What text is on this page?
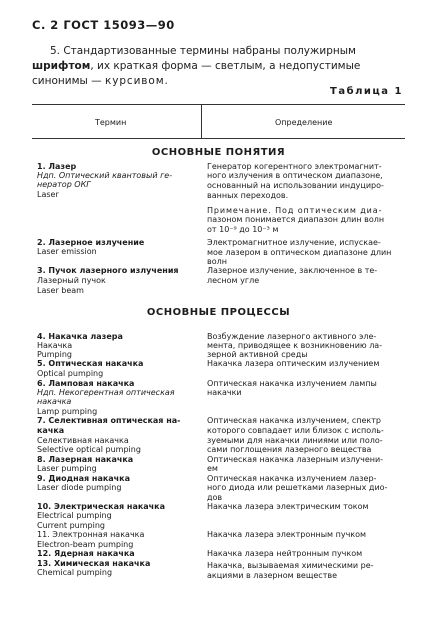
С. 2 ГОСТ 15093—90
5. Стандартизованные термины набраны полужирным шрифтом, их краткая форма — светлым, а недопустимые синонимы — курсивом.
Таблица 1
Термин	Определение
ОСНОВНЫЕ ПОНЯТИЯ
ОСНОВНЫЕ ПРОЦЕССЫ
1. Лазер
Ндп. Оптический квантовый ге-
нератор ОКГ
Laser
2. Лазерное излучение
Laser emission
3. Пучок лазерного излучения
Лазерный пучок
Laser beam
4. Накачка лазера
Накачка
Pumping
5. Оптическая накачка
Optical pumping
6. Ламповая накачка
Ндп. Некогерентная оптическая
накачка
Lamp pumping
7. Селективная оптическая на-
качка
Селективная накачка
Selective optical pumping
8. Лазерная накачка
Laser pumping
9. Диодная накачка
Laser diode pumping
10. Электрическая накачка
Electrical pumping
Current pumping
11. Электронная накачка
Electron-beam pumping
12. Ядерная накачка
13. Химическая накачка
Chemical pumping
Генератор когерентного электромагнит-
ного излучения в оптическом диапазоне,
основанный на использовании индуциро-
ванных переходов.
Примечание. Под оптическим диа-
пазоном понимается диапазон длин волн
от 10⁻⁹ до 10⁻³ м
Электромагнитное излучение, испускае-
мое лазером в оптическом диапазоне длин
волн
Лазерное излучение, заключенное в те-
лесном угле
Возбуждение лазерного активного эле-
мента, приводящее к возникновению ла-
зерной активной среды
Накачка лазера оптическим излучением
Оптическая накачка излучением лампы
накачки
Оптическая накачка излучением, спектр
которого совпадает или близок с исполь-
зуемыми для накачки линиями или поло-
сами поглощения лазерного вещества
Оптическая накачка лазерным излучени-
ем
Оптическая накачка излучением лазер-
ного диода или решетками лазерных дио-
дов
Накачка лазера электрическим током
Накачка лазера электронным пучком
Накачка лазера нейтронным пучком
Накачка, вызываемая химическими ре-
акциями в лазерном веществе
